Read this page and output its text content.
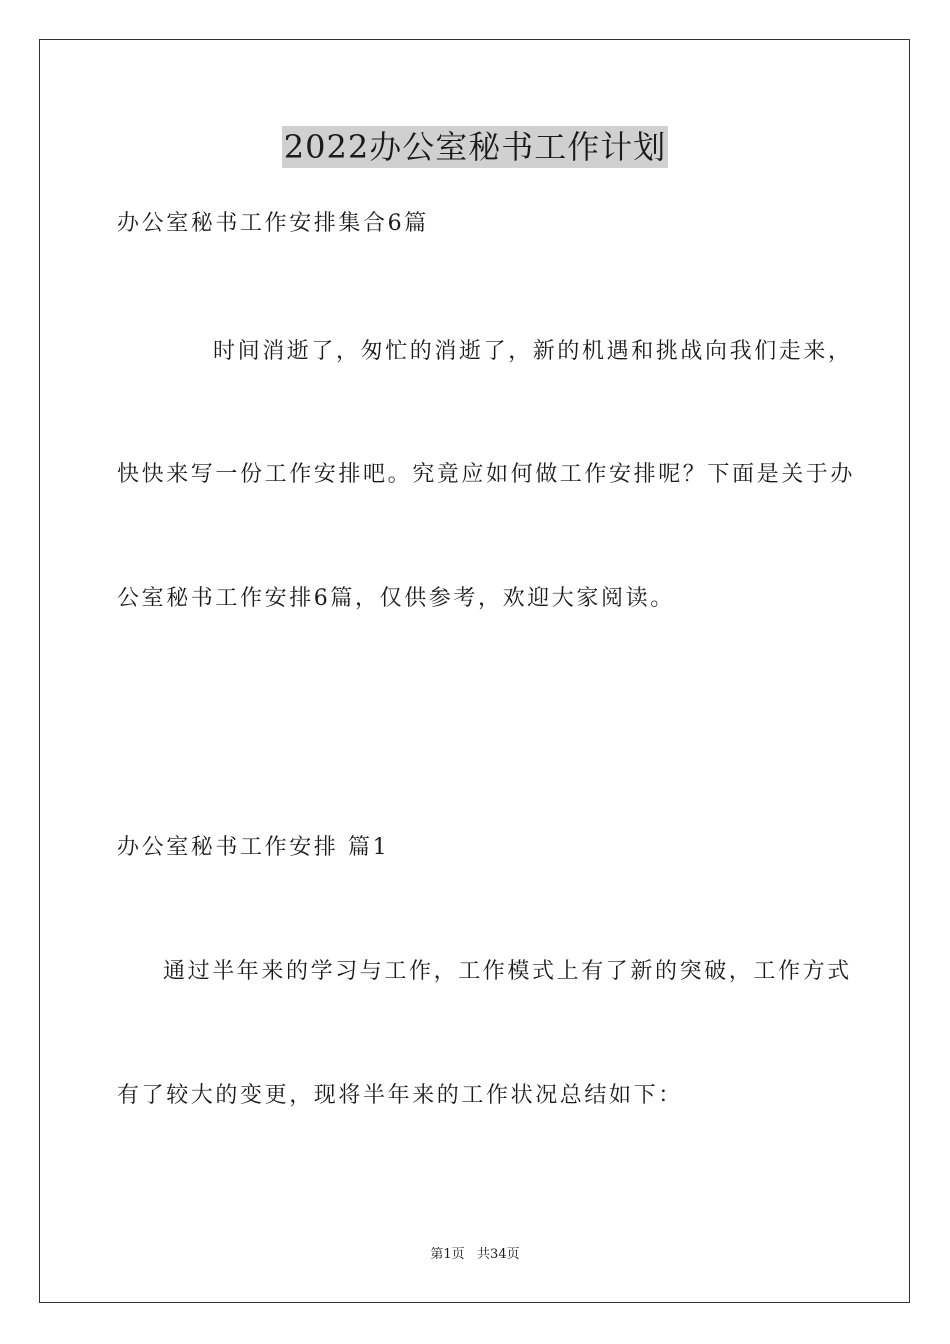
2022办公室秘书工作计划
办公室秘书工作安排集合6篇
时间消逝了，匆忙的消逝了，新的机遇和挑战向我们走来，
快快来写一份工作安排吧。究竟应如何做工作安排呢？下面是关于办
公室秘书工作安排6篇，仅供参考，欢迎大家阅读。
办公室秘书工作安排 篇1
通过半年来的学习与工作，工作模式上有了新的突破，工作方式
有了较大的变更，现将半年来的工作状况总结如下：
第1页   共34页
